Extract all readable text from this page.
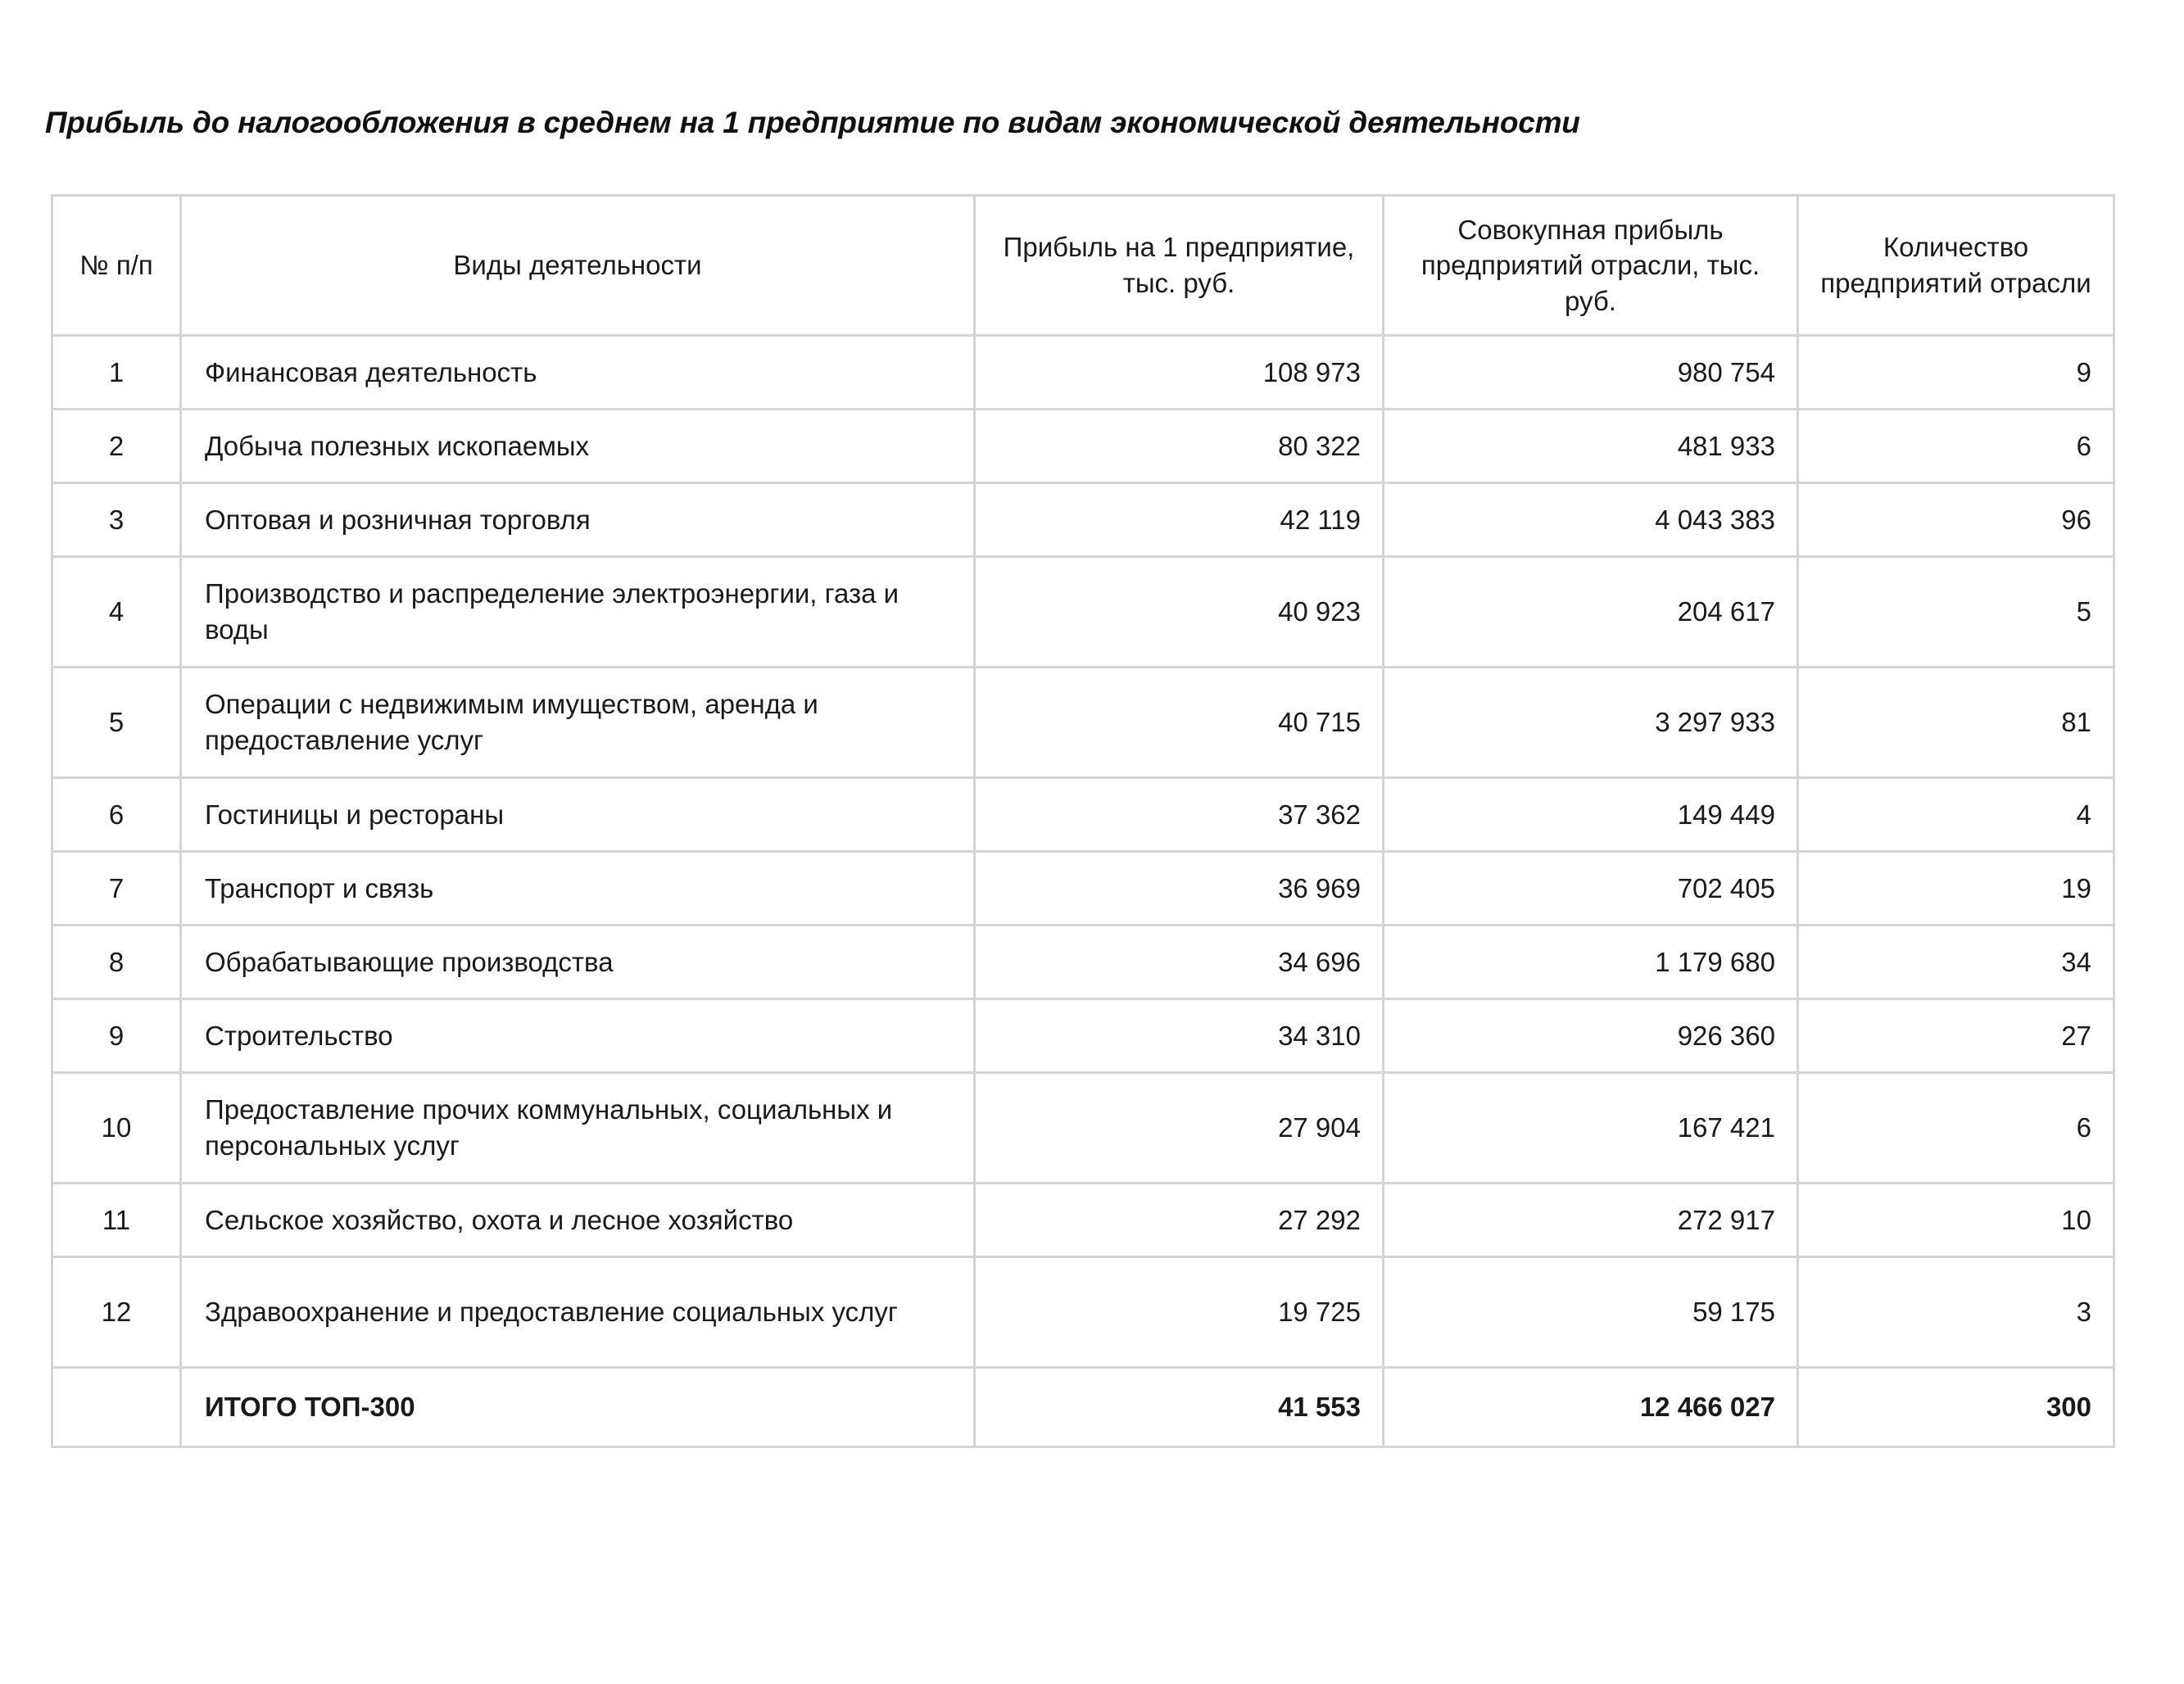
Прибыль до налогообложения в среднем на 1 предприятие по видам экономической деятельности
№ п/п	Виды деятельности	Прибыль на 1 предприятие, тыс. руб.	Совокупная прибыль предприятий отрасли, тыс. руб.	Количество предприятий отрасли
1	Финансовая деятельность	108 973	980 754	9
2	Добыча полезных ископаемых	80 322	481 933	6
3	Оптовая и розничная торговля	42 119	4 043 383	96
4	Производство и распределение электроэнергии, газа и воды	40 923	204 617	5
5	Операции с недвижимым имуществом, аренда и предоставление услуг	40 715	3 297 933	81
6	Гостиницы и рестораны	37 362	149 449	4
7	Транспорт и связь	36 969	702 405	19
8	Обрабатывающие производства	34 696	1 179 680	34
9	Строительство	34 310	926 360	27
10	Предоставление прочих коммунальных, социальных и персональных услуг	27 904	167 421	6
11	Сельское хозяйство, охота и лесное хозяйство	27 292	272 917	10
12	Здравоохранение и предоставление социальных услуг	19 725	59 175	3
	ИТОГО ТОП-300	41 553	12 466 027	300
